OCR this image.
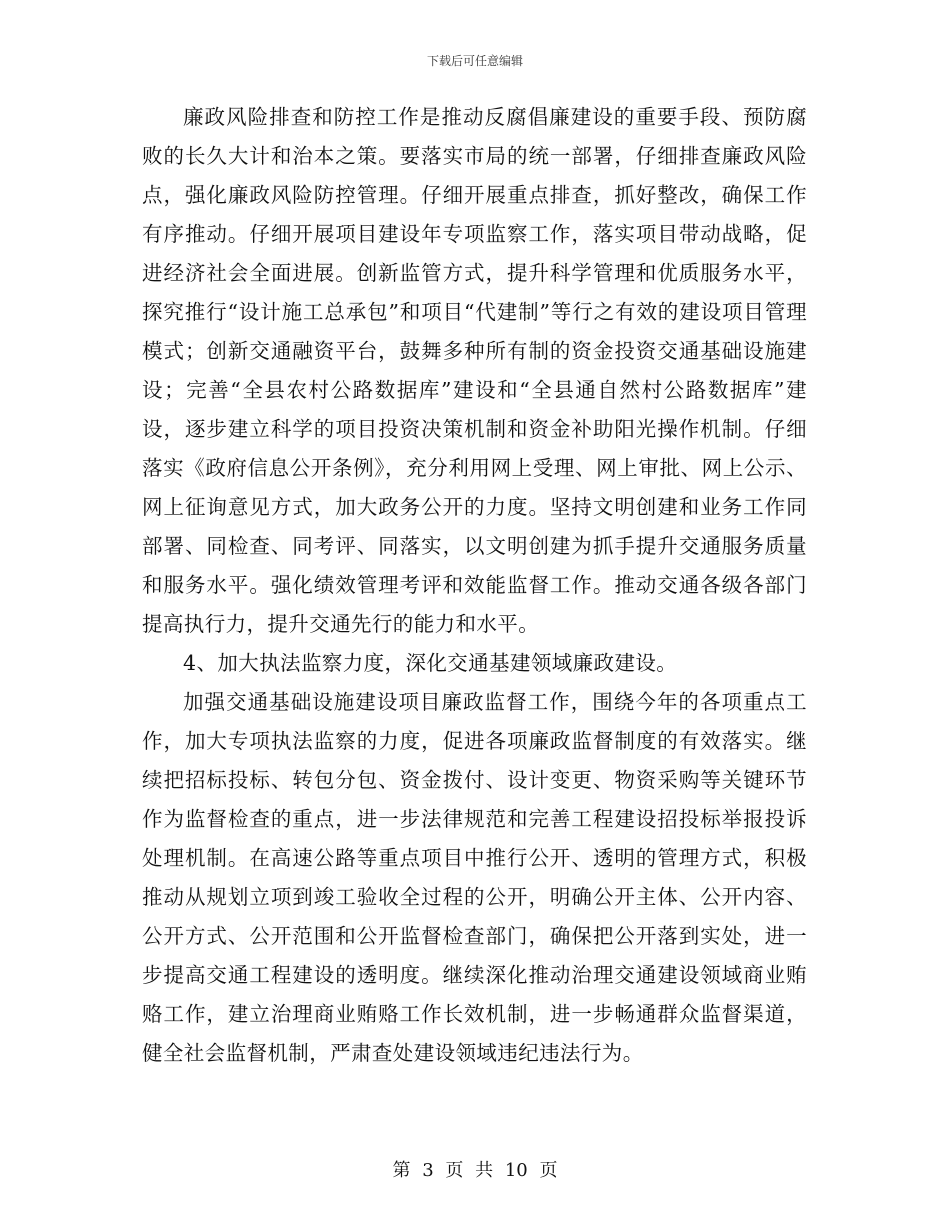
下载后可任意编辑

廉政风险排查和防控工作是推动反腐倡廉建设的重要手段、预防腐败的长久大计和治本之策。要落实市局的统一部署，仔细排查廉政风险点，强化廉政风险防控管理。仔细开展重点排查，抓好整改，确保工作有序推动。仔细开展项目建设年专项监察工作，落实项目带动战略，促进经济社会全面进展。创新监管方式，提升科学管理和优质服务水平，探究推行“设计施工总承包”和项目“代建制”等行之有效的建设项目管理模式；创新交通融资平台，鼓舞多种所有制的资金投资交通基础设施建设；完善“全县农村公路数据库”建设和“全县通自然村公路数据库”建设，逐步建立科学的项目投资决策机制和资金补助阳光操作机制。仔细落实《政府信息公开条例》，充分利用网上受理、网上审批、网上公示、网上征询意见方式，加大政务公开的力度。坚持文明创建和业务工作同部署、同检查、同考评、同落实，以文明创建为抓手提升交通服务质量和服务水平。强化绩效管理考评和效能监督工作。推动交通各级各部门提高执行力，提升交通先行的能力和水平。

4、加大执法监察力度，深化交通基建领域廉政建设。

加强交通基础设施建设项目廉政监督工作，围绕今年的各项重点工作，加大专项执法监察的力度，促进各项廉政监督制度的有效落实。继续把招标投标、转包分包、资金拨付、设计变更、物资采购等关键环节作为监督检查的重点，进一步法律规范和完善工程建设招投标举报投诉处理机制。在高速公路等重点项目中推行公开、透明的管理方式，积极推动从规划立项到竣工验收全过程的公开，明确公开主体、公开内容、公开方式、公开范围和公开监督检查部门，确保把公开落到实处，进一步提高交通工程建设的透明度。继续深化推动治理交通建设领域商业贿赂工作，建立治理商业贿赂工作长效机制，进一步畅通群众监督渠道，健全社会监督机制，严肃查处建设领域违纪违法行为。

第 3 页 共 10 页
